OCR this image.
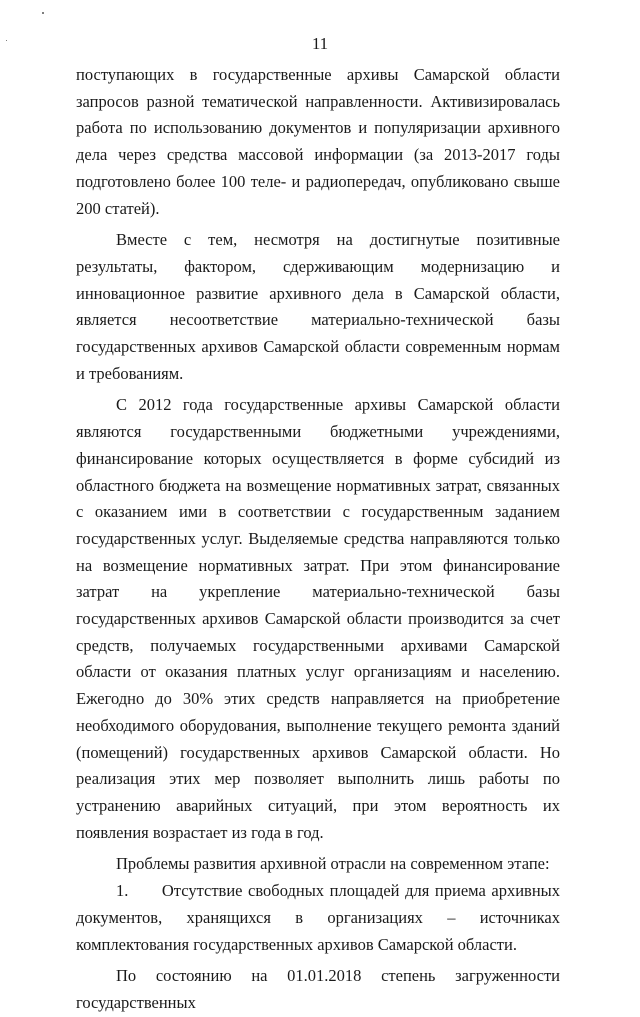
11

поступающих в государственные архивы Самарской области запросов разной тематической направленности. Активизировалась работа по использованию документов и популяризации архивного дела через средства массовой информации (за 2013-2017 годы подготовлено более 100 теле- и радиопередач, опубликовано свыше 200 статей).

Вместе с тем, несмотря на достигнутые позитивные результаты, фактором, сдерживающим модернизацию и инновационное развитие архивного дела в Самарской области, является несоответствие материально-технической базы государственных архивов Самарской области современным нормам и требованиям.

С 2012 года государственные архивы Самарской области являются государственными бюджетными учреждениями, финансирование которых осуществляется в форме субсидий из областного бюджета на возмещение нормативных затрат, связанных с оказанием ими в соответствии с государственным заданием государственных услуг. Выделяемые средства направляются только на возмещение нормативных затрат. При этом финансирование затрат на укрепление материально-технической базы государственных архивов Самарской области производится за счет средств, получаемых государственными архивами Самарской области от оказания платных услуг организациям и населению. Ежегодно до 30% этих средств направляется на приобретение необходимого оборудования, выполнение текущего ремонта зданий (помещений) государственных архивов Самарской области. Но реализация этих мер позволяет выполнить лишь работы по устранению аварийных ситуаций, при этом вероятность их появления возрастает из года в год.

Проблемы развития архивной отрасли на современном этапе:

1.      Отсутствие свободных площадей для приема архивных документов, хранящихся в организациях – источниках комплектования государственных архивов Самарской области.

По состоянию на 01.01.2018 степень загруженности государственных
